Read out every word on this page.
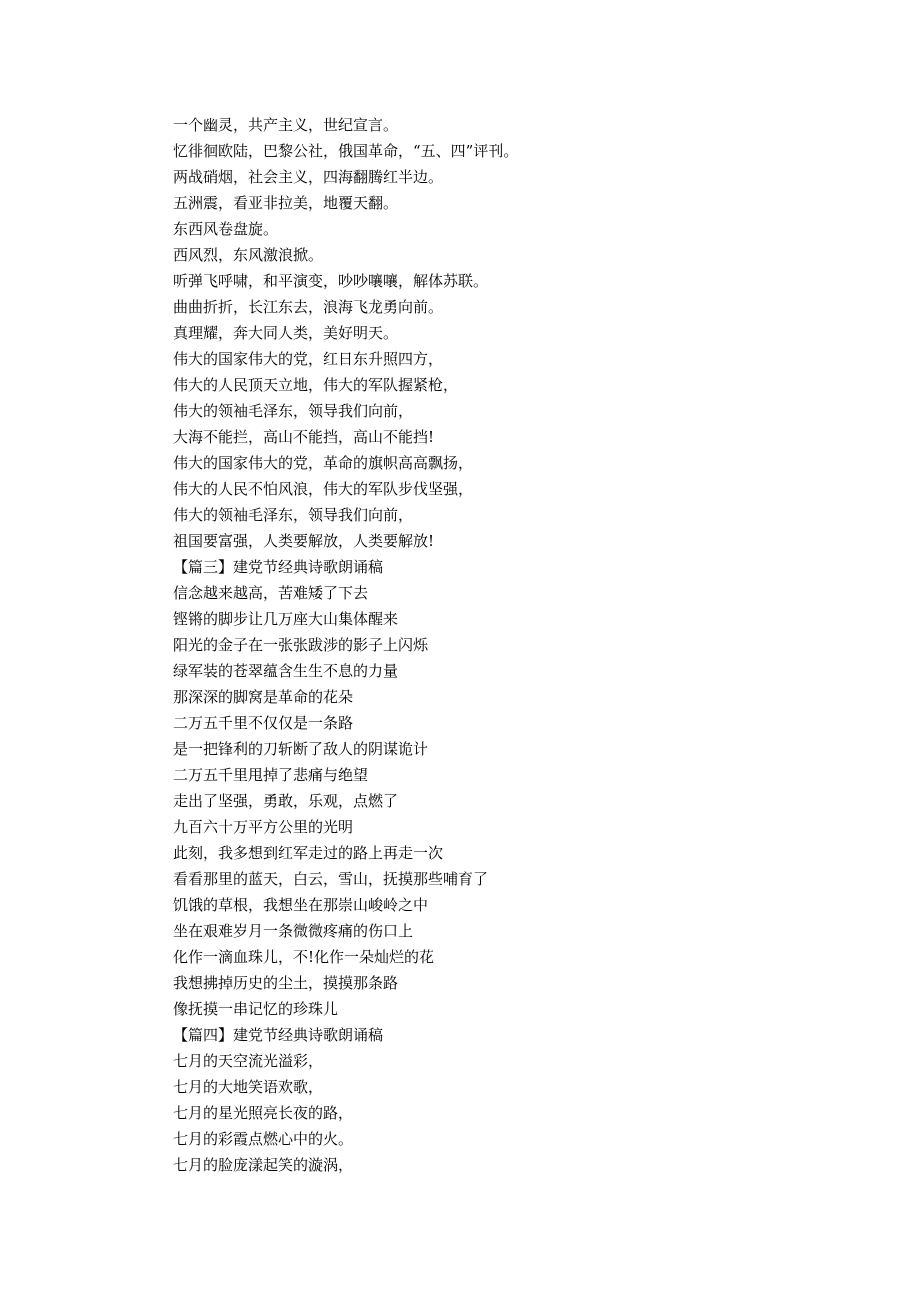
一个幽灵，共产主义，世纪宣言。
忆徘徊欧陆，巴黎公社，俄国革命，“五、四”评刊。
两战硝烟，社会主义，四海翻腾红半边。
五洲震，看亚非拉美，地覆天翻。
东西风卷盘旋。
西风烈，东风激浪掀。
听弹飞呼啸，和平演变，吵吵嚷嚷，解体苏联。
曲曲折折，长江东去，浪海飞龙勇向前。
真理耀，奔大同人类，美好明天。
伟大的国家伟大的党，红日东升照四方，
伟大的人民顶天立地，伟大的军队握紧枪，
伟大的领袖毛泽东，领导我们向前，
大海不能拦，高山不能挡，高山不能挡!
伟大的国家伟大的党，革命的旗帜高高飘扬，
伟大的人民不怕风浪，伟大的军队步伐坚强，
伟大的领袖毛泽东，领导我们向前，
祖国要富强，人类要解放，人类要解放!
【篇三】建党节经典诗歌朗诵稿
信念越来越高，苦难矮了下去
铿锵的脚步让几万座大山集体醒来
阳光的金子在一张张跋涉的影子上闪烁
绿军装的苍翠蕴含生生不息的力量
那深深的脚窝是革命的花朵
二万五千里不仅仅是一条路
是一把锋利的刀斩断了敌人的阴谋诡计
二万五千里甩掉了悲痛与绝望
走出了坚强，勇敢，乐观，点燃了
九百六十万平方公里的光明
此刻，我多想到红军走过的路上再走一次
看看那里的蓝天，白云，雪山，抚摸那些哺育了
饥饿的草根，我想坐在那崇山峻岭之中
坐在艰难岁月一条微微疼痛的伤口上
化作一滴血珠儿，不!化作一朵灿烂的花
我想拂掉历史的尘土，摸摸那条路
像抚摸一串记忆的珍珠儿
【篇四】建党节经典诗歌朗诵稿
七月的天空流光溢彩，
七月的大地笑语欢歌，
七月的星光照亮长夜的路，
七月的彩霞点燃心中的火。
七月的脸庞漾起笑的漩涡，
